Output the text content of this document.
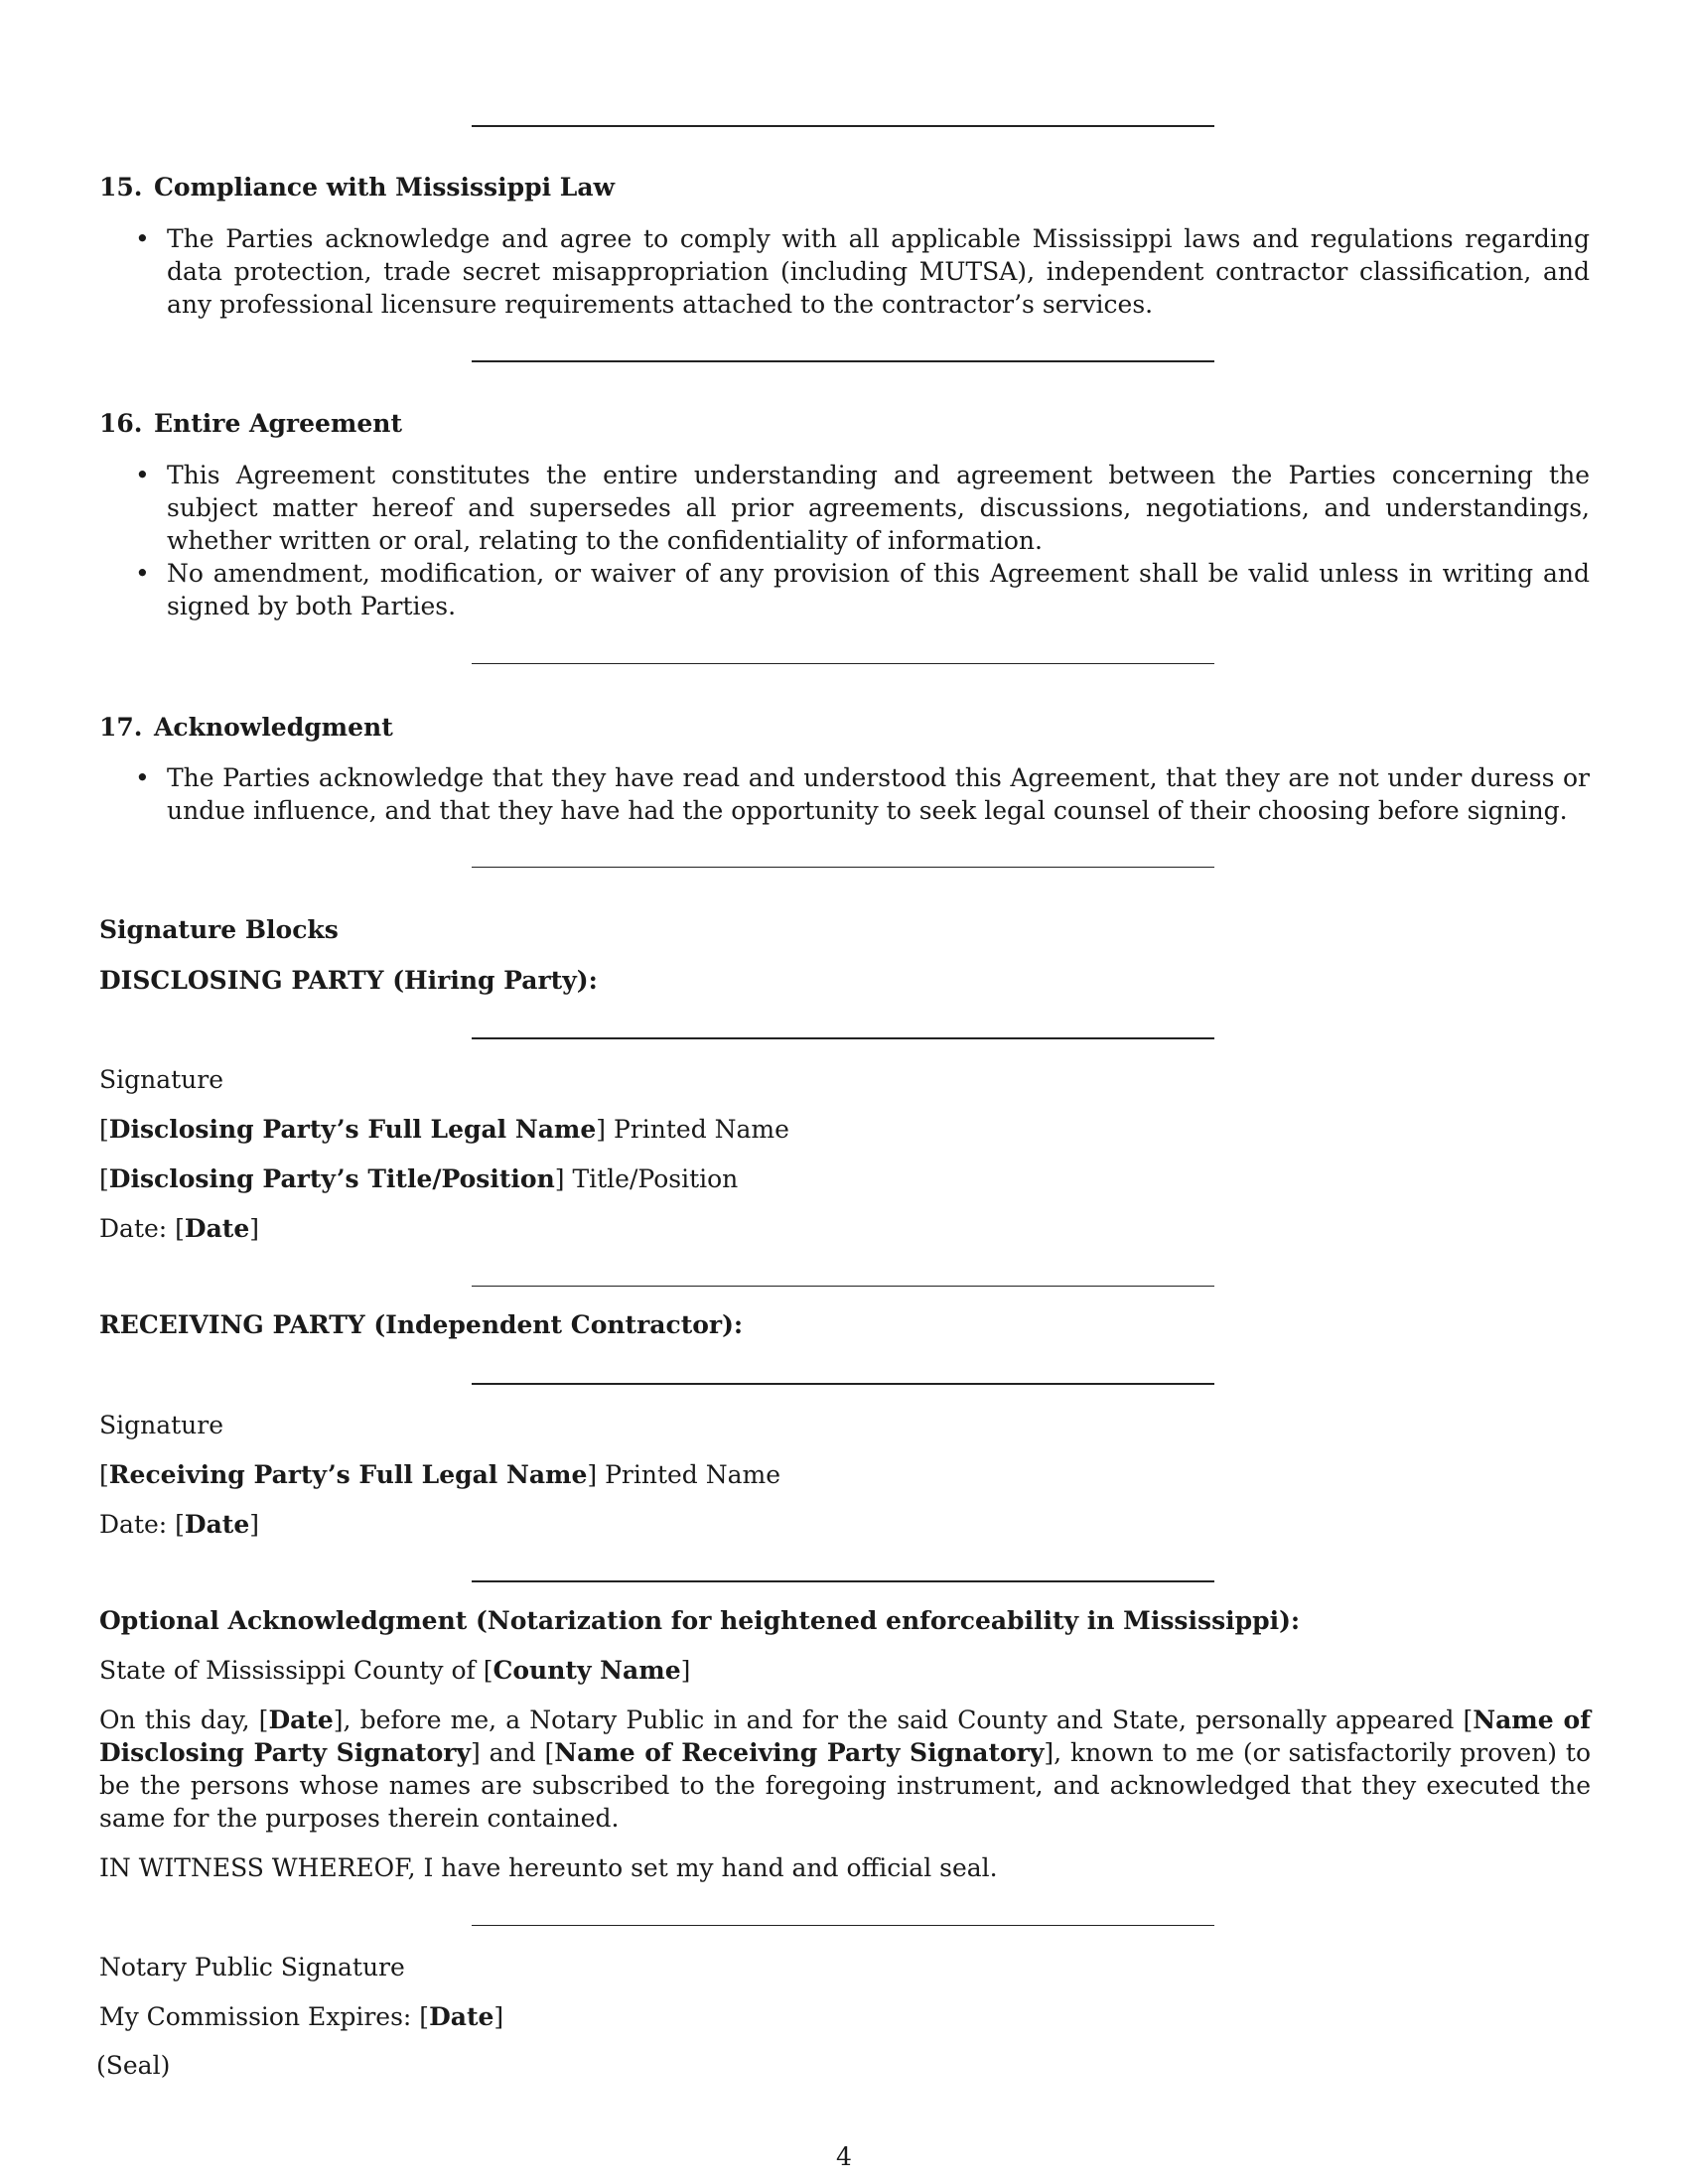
15. Compliance with Mississippi Law
• The Parties acknowledge and agree to comply with all applicable Mississippi laws and regulations regarding data protection, trade secret misappropriation (including MUTSA), independent contractor classification, and any professional licensure requirements attached to the contractor’s services.
16. Entire Agreement
• This Agreement constitutes the entire understanding and agreement between the Parties concerning the subject matter hereof and supersedes all prior agreements, discussions, negotiations, and understandings, whether written or oral, relating to the confidentiality of information.
• No amendment, modification, or waiver of any provision of this Agreement shall be valid unless in writing and signed by both Parties.
17. Acknowledgment
• The Parties acknowledge that they have read and understood this Agreement, that they are not under duress or undue influence, and that they have had the opportunity to seek legal counsel of their choosing before signing.
Signature Blocks
DISCLOSING PARTY (Hiring Party):
Signature
[Disclosing Party’s Full Legal Name] Printed Name
[Disclosing Party’s Title/Position] Title/Position
Date: [Date]
RECEIVING PARTY (Independent Contractor):
Signature
[Receiving Party’s Full Legal Name] Printed Name
Date: [Date]
Optional Acknowledgment (Notarization for heightened enforceability in Mississippi):
State of Mississippi County of [County Name]
On this day, [Date], before me, a Notary Public in and for the said County and State, personally appeared [Name of Disclosing Party Signatory] and [Name of Receiving Party Signatory], known to me (or satisfactorily proven) to be the persons whose names are subscribed to the foregoing instrument, and acknowledged that they executed the same for the purposes therein contained.
IN WITNESS WHEREOF, I have hereunto set my hand and official seal.
Notary Public Signature
My Commission Expires: [Date]
(Seal)
4
